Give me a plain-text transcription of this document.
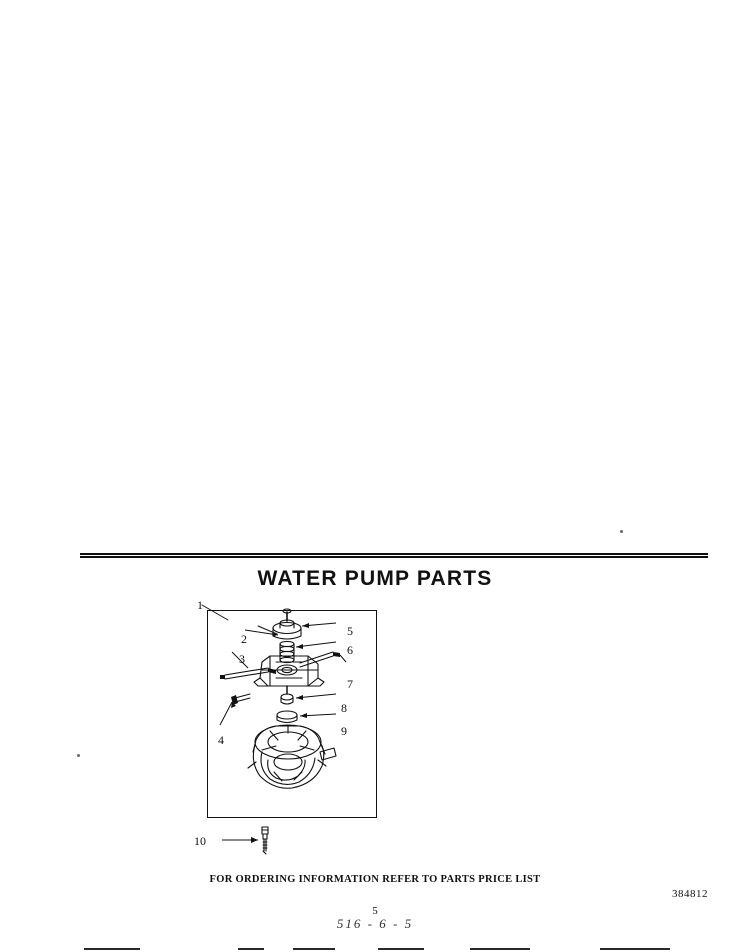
WATER PUMP PARTS
1
2
3
4
5
6
7
8
9
10
FOR ORDERING INFORMATION REFER TO PARTS PRICE LIST
384812
5
516 - 6 - 5
